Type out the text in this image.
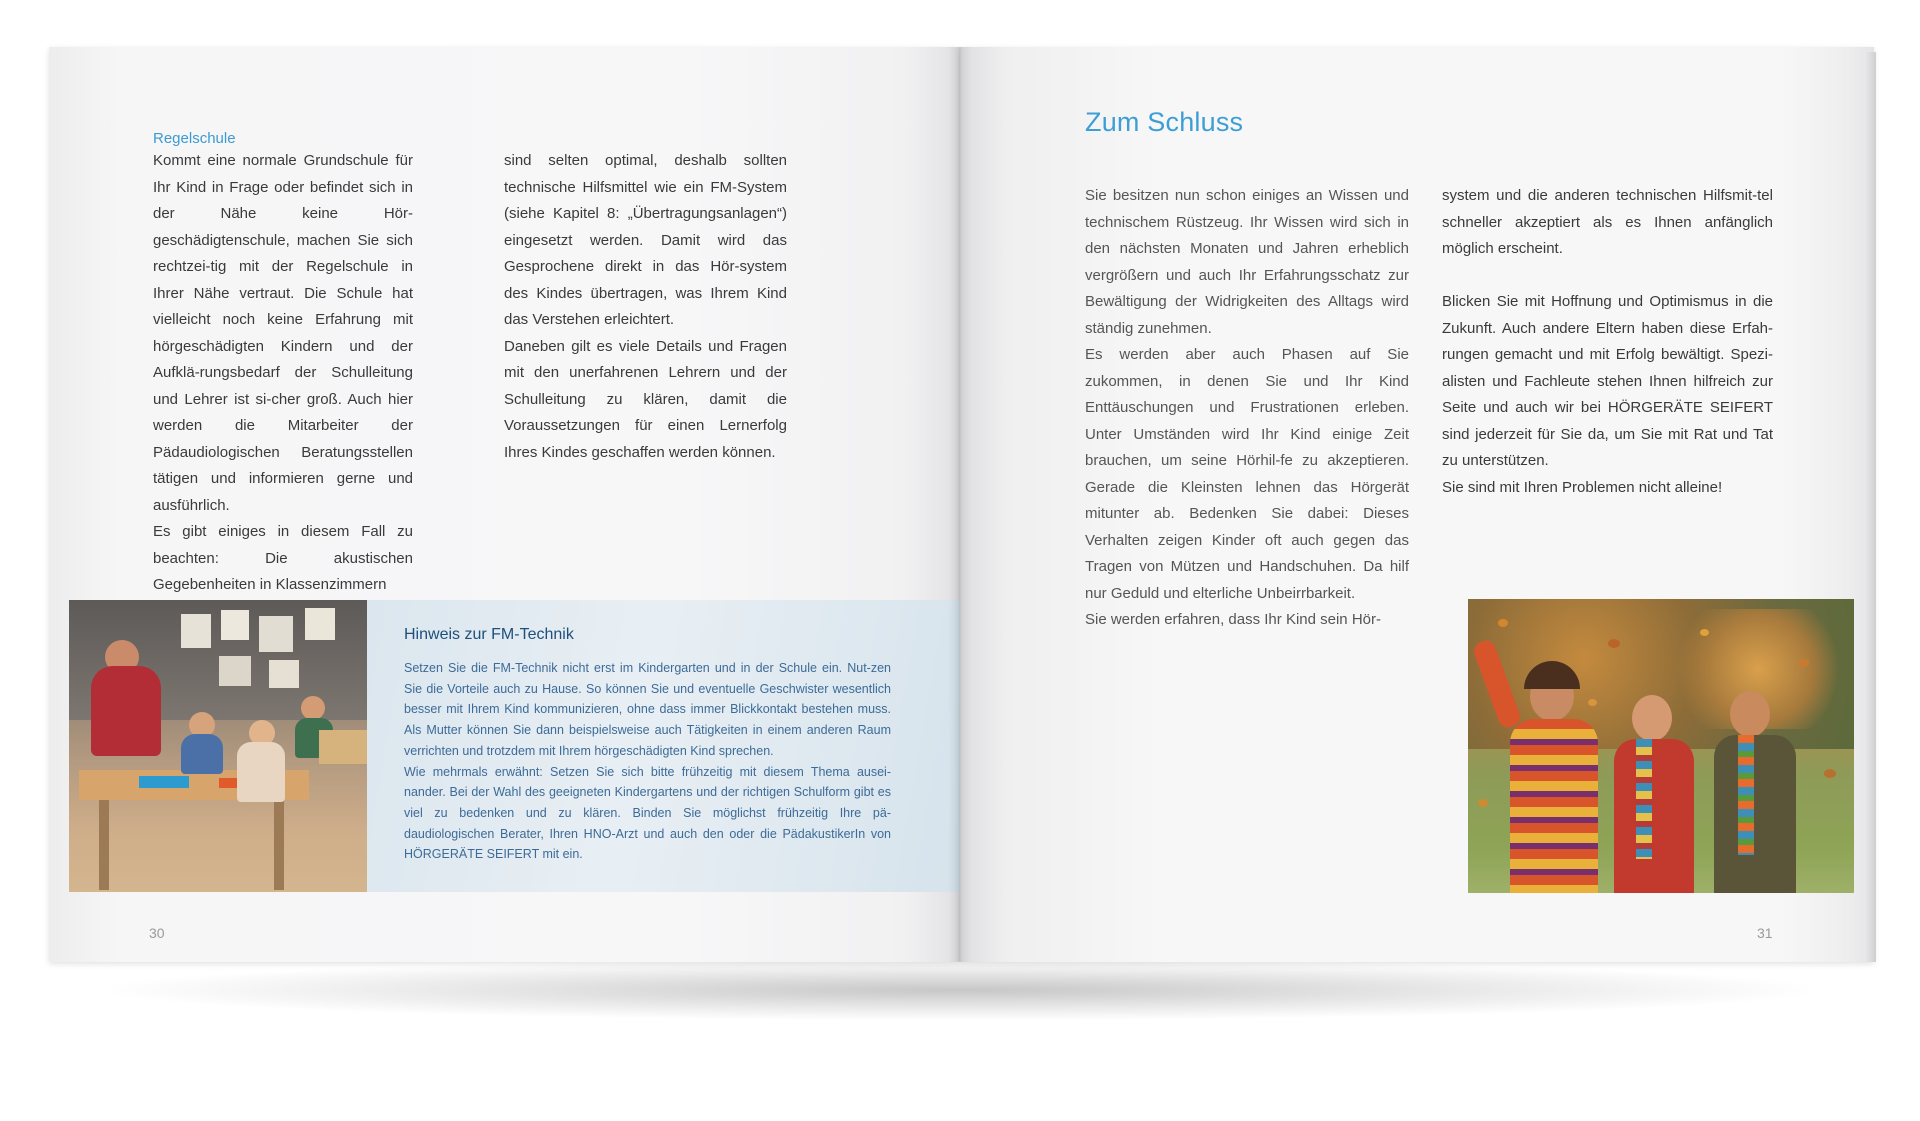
Regelschule

Kommt eine normale Grundschule für Ihr Kind in Frage oder befindet sich in der Nähe keine Hör-geschädigtenschule, machen Sie sich rechtzei-tig mit der Regelschule in Ihrer Nähe vertraut. Die Schule hat vielleicht noch keine Erfahrung mit hörgeschädigten Kindern und der Aufklä-rungsbedarf der Schulleitung und Lehrer ist si-cher groß. Auch hier werden die Mitarbeiter der Pädaudiologischen Beratungsstellen tätigen und informieren gerne und ausführlich.

Es gibt einiges in diesem Fall zu beachten: Die akustischen Gegebenheiten in Klassenzimmern

sind selten optimal, deshalb sollten technische Hilfsmittel wie ein FM-System (siehe Kapitel 8: „Übertragungsanlagen“) eingesetzt werden. Damit wird das Gesprochene direkt in das Hör-system des Kindes übertragen, was Ihrem Kind das Verstehen erleichtert.

Daneben gilt es viele Details und Fragen mit den unerfahrenen Lehrern und der Schulleitung zu klären, damit die Voraussetzungen für einen Lernerfolg Ihres Kindes geschaffen werden können.

Hinweis zur FM-Technik

Setzen Sie die FM-Technik nicht erst im Kindergarten und in der Schule ein. Nut-zen Sie die Vorteile auch zu Hause. So können Sie und eventuelle Geschwister wesentlich besser mit Ihrem Kind kommunizieren, ohne dass immer Blickkontakt bestehen muss. Als Mutter können Sie dann beispielsweise auch Tätigkeiten in einem anderen Raum verrichten und trotzdem mit Ihrem hörgeschädigten Kind sprechen.

Wie mehrmals erwähnt: Setzen Sie sich bitte frühzeitig mit diesem Thema ausei-nander. Bei der Wahl des geeigneten Kindergartens und der richtigen Schulform gibt es viel zu bedenken und zu klären. Binden Sie möglichst frühzeitig Ihre pä-daudiologischen Berater, Ihren HNO-Arzt und auch den oder die PädakustikerIn von HÖRGERÄTE SEIFERT mit ein.

30
Zum Schluss

Sie besitzen nun schon einiges an Wissen und technischem Rüstzeug. Ihr Wissen wird sich in den nächsten Monaten und Jahren erheblich vergrößern und auch Ihr Erfahrungsschatz zur Bewältigung der Widrigkeiten des Alltags wird ständig zunehmen.

Es werden aber auch Phasen auf Sie zukommen, in denen Sie und Ihr Kind Enttäuschungen und Frustrationen erleben. Unter Umständen wird Ihr Kind einige Zeit brauchen, um seine Hörhil-fe zu akzeptieren. Gerade die Kleinsten lehnen das Hörgerät mitunter ab. Bedenken Sie dabei: Dieses Verhalten zeigen Kinder oft auch gegen das Tragen von Mützen und Handschuhen. Da hilf nur Geduld und elterliche Unbeirrbarkeit.

Sie werden erfahren, dass Ihr Kind sein Hör-

system und die anderen technischen Hilfsmit-tel schneller akzeptiert als es Ihnen anfänglich möglich erscheint.

Blicken Sie mit Hoffnung und Optimismus in die Zukunft. Auch andere Eltern haben diese Erfah-rungen gemacht und mit Erfolg bewältigt. Spezi-alisten und Fachleute stehen Ihnen hilfreich zur Seite und auch wir bei HÖRGERÄTE SEIFERT sind jederzeit für Sie da, um Sie mit Rat und Tat zu unterstützen.

Sie sind mit Ihren Problemen nicht alleine!

31
